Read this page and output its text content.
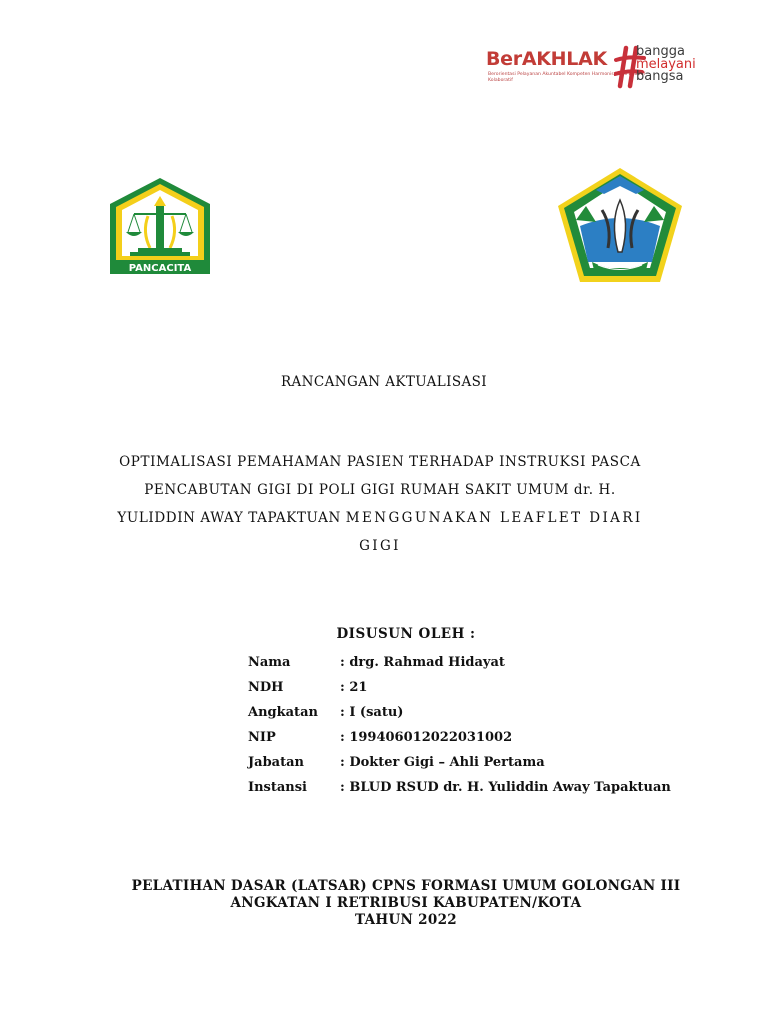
BerAKHLAK
Berorientasi Pelayanan Akuntabel Kompeten Harmonis Loyal Adaptif Kolaboratif
bangga
melayani
bangsa
PANCACITA
RANCANGAN AKTUALISASI
OPTIMALISASI PEMAHAMAN PASIEN TERHADAP INSTRUKSI PASCA
PENCABUTAN GIGI DI POLI GIGI RUMAH SAKIT UMUM dr. H.
YULIDDIN AWAY TAPAKTUAN MENGGUNAKAN LEAFLET DIARI
GIGI
DISUSUN OLEH :
Nama	: drg. Rahmad Hidayat
NDH	: 21
Angkatan	: I (satu)
NIP	: 199406012022031002
Jabatan	: Dokter Gigi – Ahli Pertama
Instansi	: BLUD RSUD dr. H. Yuliddin Away Tapaktuan
PELATIHAN DASAR (LATSAR) CPNS FORMASI UMUM GOLONGAN III
ANGKATAN I RETRIBUSI KABUPATEN/KOTA
TAHUN 2022
